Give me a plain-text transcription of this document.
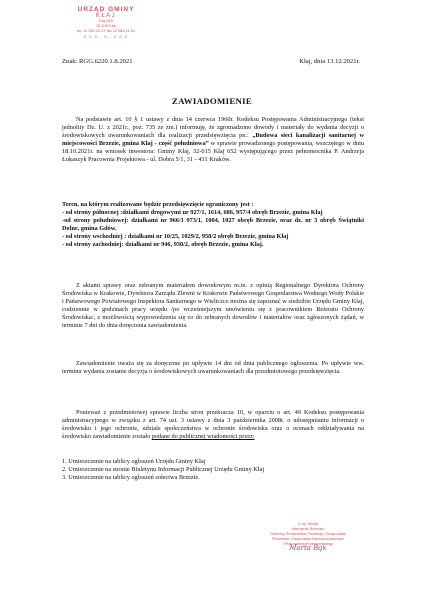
URZĄD GMINY
KŁAJ
Kłaj 655
32-015 Kłaj
tel. 12 281-10-17 fax 12 284-11-61
0 0 0 - 0 - 0 0 0
Znak: RGG.6220.1.8.2021	Kłaj, dnia 13.12.2021r.
ZAWIADOMIENIE
Na podstawie art. 10 § 1 ustawy z dnia 14 czerwca 1960r. Kodeksu Postępowania Administracyjnego (tekst jednolity Dz. U. z 2021r., poz. 735 ze zm.) informuję, że zgromadzono dowody i materiały do wydania decyzji o środowiskowych uwarunkowaniach dla realizacji przedsięwzięcia pn.: „Budowa sieci kanalizacji sanitarnej w miejscowości Brzezie, gmina Kłaj - część południowa” w sprawie prowadzonego postępowania, wszczętego w dniu 18.10.2021r. na wniosek inwestora: Gminy Kłaj, 32-015 Kłaj 652 występującego przez pełnomocnika P. Andrzeja Łukaszyk Pracownia Projektowa - ul. Dobra 5/1, 31 - 431 Kraków.
Teren, na którym realizowane będzie przedsięwzięcie ograniczony jest :
- od strony północnej :działkami drogowymi nr 927/1, 1614, 686, 957/4 obręb Brzezie, gmina Kłaj
-od strony południowej: działkami nr 966/1 973/1, 1004, 1027 obręb Brzezie, oraz dz. nr 3 obręb Świątniki Dolne, gmina Gdów.
- od strony wschodniej : działkami nr 10/25, 1029/2, 958/2 obręb Brzezie, gmina Kłaj
- od strony zachodniej: działkami nr 946, 930/2, obręb Brzezie, gmina Kłaj.
Z aktami sprawy oraz zebranym materiałem dowodowym m.in. z opinią Regionalnego Dyrektora Ochrony Środowiska w Krakowie, Dyrektora Zarządu Zlewni w Krakowie Państwowego Gospodarstwa Wodnego Wody Polskie i Państwowego Powiatowego Inspektora Sanitarnego w Wieliczce można się zapoznać w siedzibie Urzędu Gminy Kłaj, codziennie w godzinach pracy urzędu /po wcześniejszym umówieniu się z pracownikiem Referatu Ochrony Środowiska/, z możliwością wypowiedzenia się co do zebranych dowodów i materiałów oraz zgłoszonych żądań, w terminie 7 dni do dnia doręczenia zawiadomienia.
Zawiadomienie uważa się za doręczone po upływie 14 dni od dnia publicznego ogłoszenia. Po upływie ww. terminu wydania zostanie decyzja o środowiskowych uwarunkowaniach dla przedmiotowego przedsięwzięcia.
Ponieważ z przedmiotowej sprawie liczba stron przekracza 10, w oparciu o art. 49 Kodeksu postępowania administracyjnego w związku z art. 74 ust. 3 ustawy z dnia 3 października 2008r. o udostępnianiu informacji o środowisku i jego ochronie, udziale społeczeństwa w ochronie środowiska oraz o ocenach oddziaływania na środowisko zawiadomienie zostało podane do publicznej wiadomości przez:
1. Umieszczenie na tablicy ogłoszeń Urzędu Gminy Kłaj
2. Umieszczenie na stronie Biuletynu Informacji Publicznej Urzędu Gminy Kłaj
3. Umieszczenie na tablicy ogłoszeń sołectwa Brzezie.
Z up. Wójta
Kierownik Referatu
Ochrony Środowiska, Rozwoju i Gospodarki
Rolnictwa, Gospodarki Nieruchomościami
i Planowania Przestrzennego
Marta Bąk
